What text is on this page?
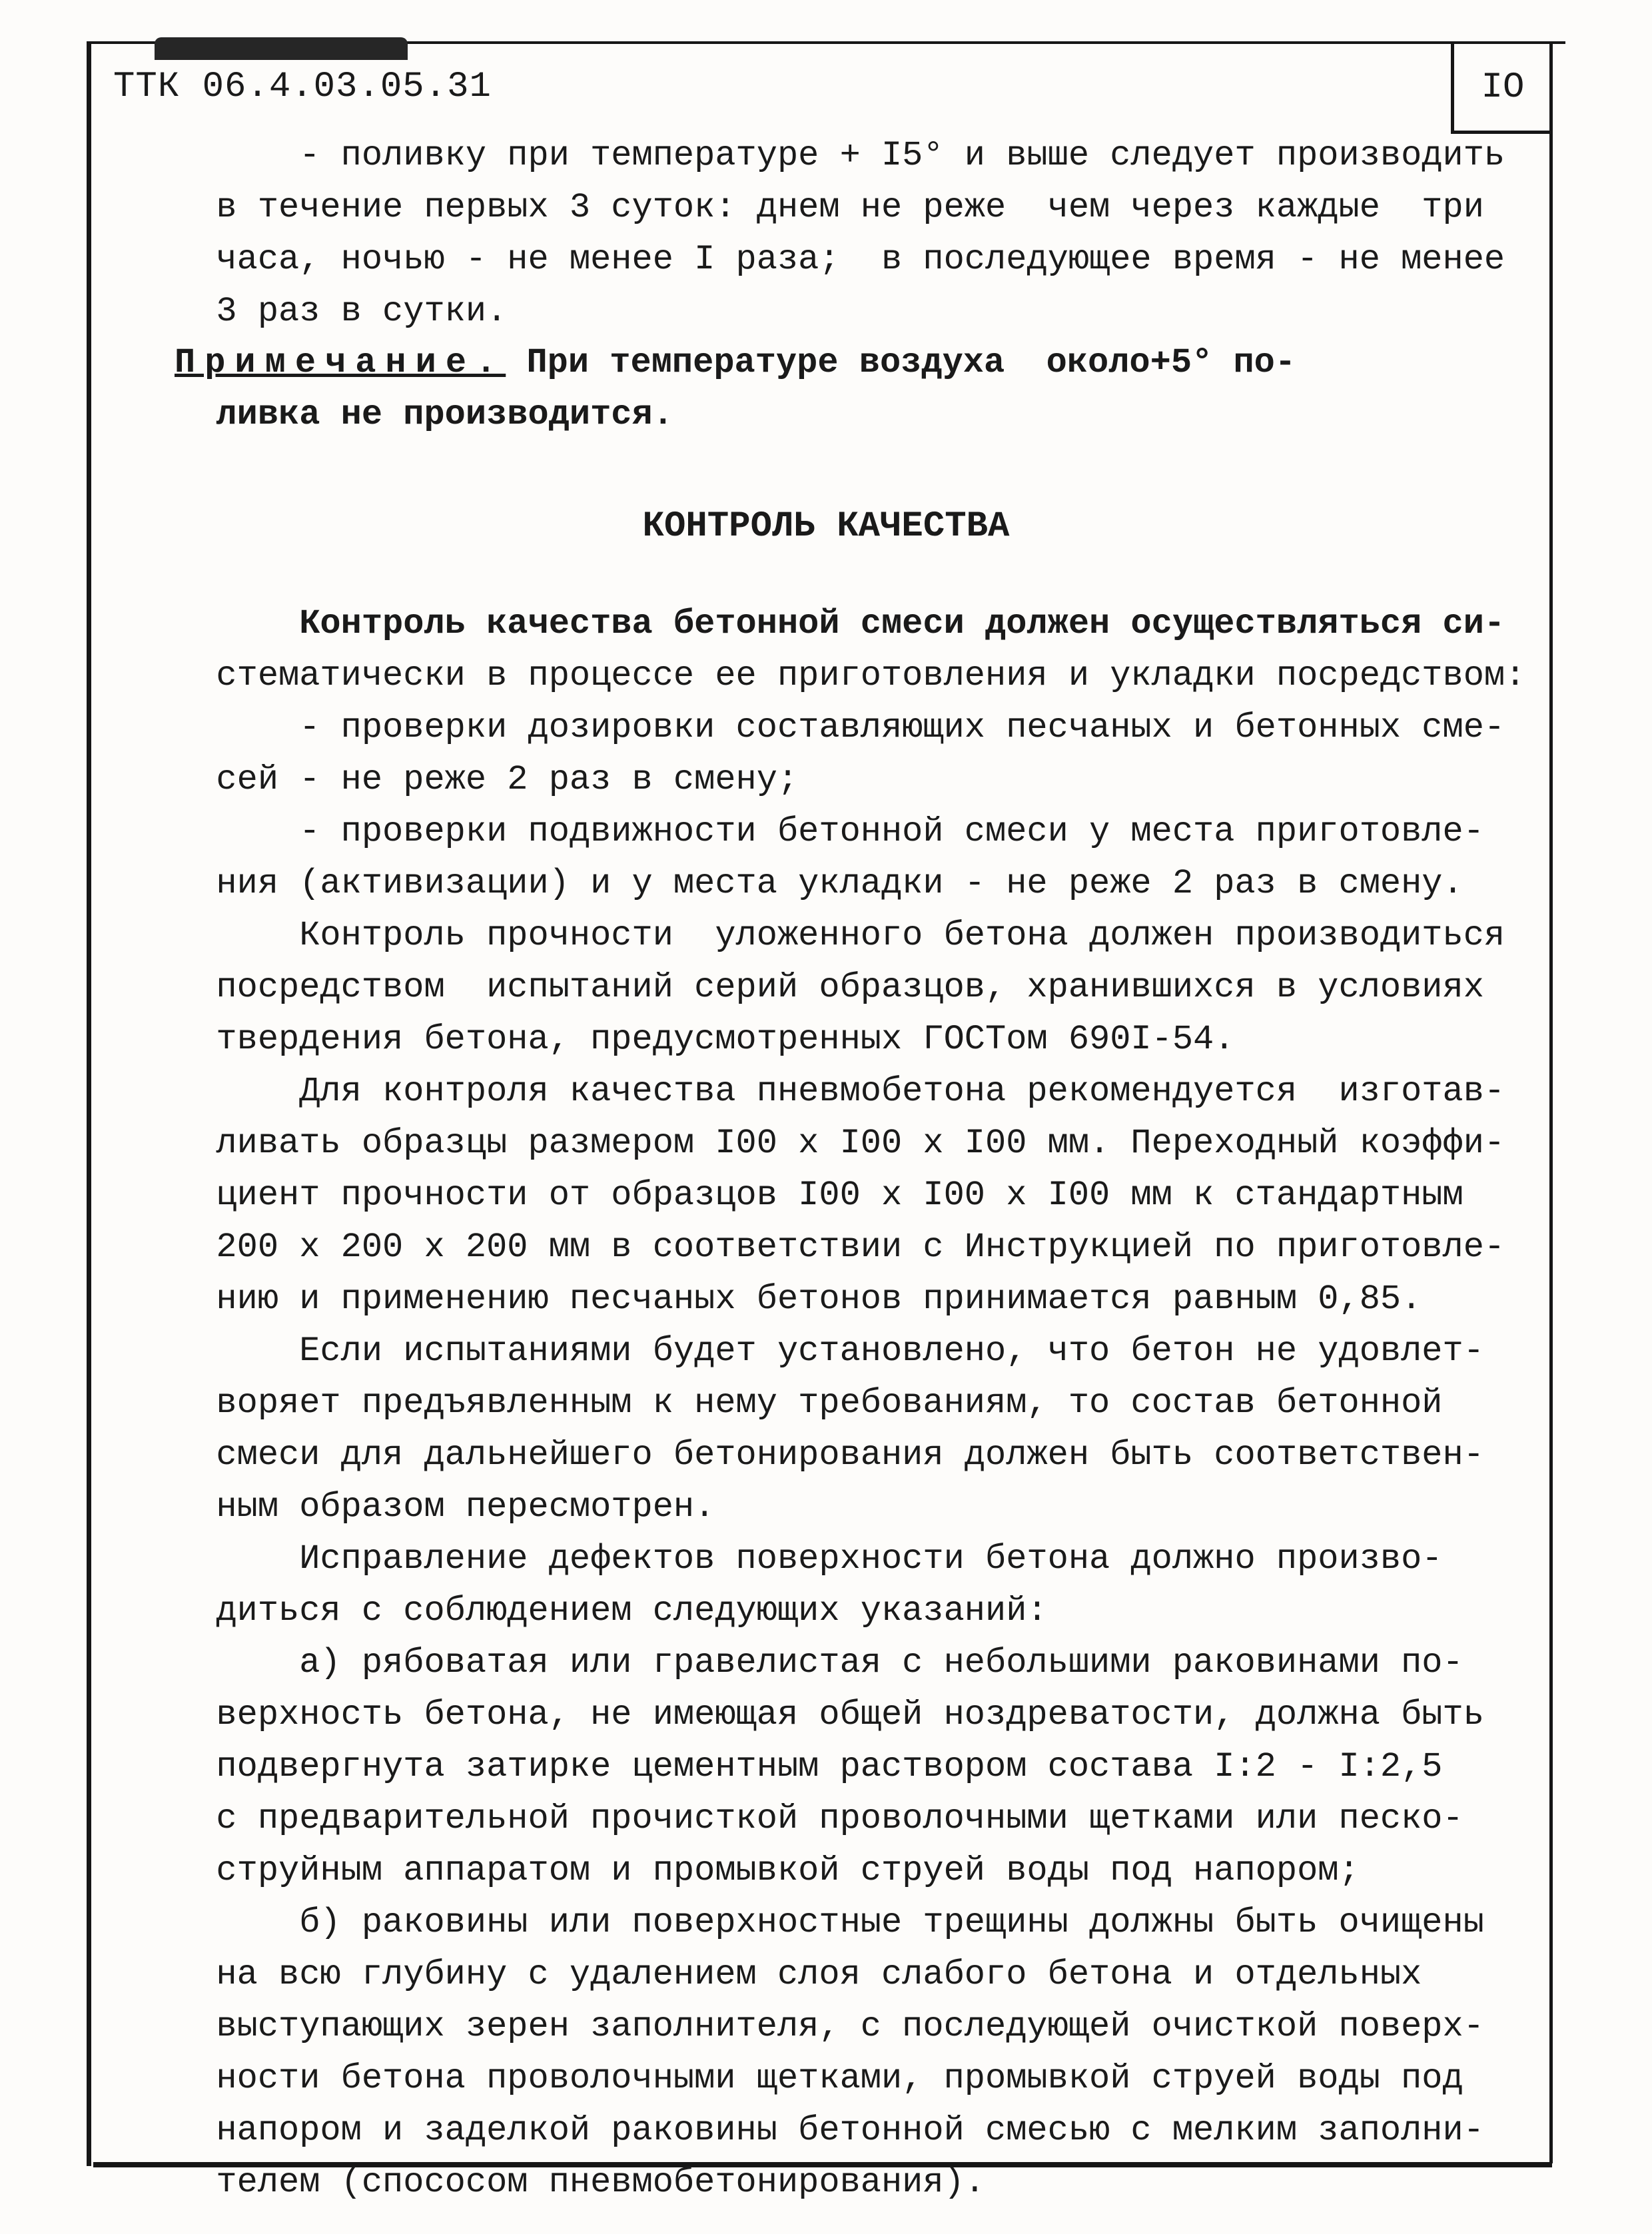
ТТК 06.4.03.05.31	IO
- поливку при температуре + I5° и выше следует производить
в течение первых 3 суток: днем не реже  чем через каждые  три
часа, ночью - не менее I раза;  в последующее время - не менее
3 раз в сутки.
Примечание. При температуре воздуха  около+5° по-
ливка не производится.
КОНТРОЛЬ КАЧЕСТВА
Контроль качества бетонной смеси должен осуществляться си-
стематически в процессе ее приготовления и укладки посредством:
- проверки дозировки составляющих песчаных и бетонных сме-
сей - не реже 2 раз в смену;
- проверки подвижности бетонной смеси у места приготовле-
ния (активизации) и у места укладки - не реже 2 раз в смену.
Контроль прочности  уложенного бетона должен производиться
посредством  испытаний серий образцов, хранившихся в условиях
твердения бетона, предусмотренных ГОСТом 690I-54.
Для контроля качества пневмобетона рекомендуется  изготав-
ливать образцы размером I00 x I00 x I00 мм. Переходный коэффи-
циент прочности от образцов I00 x I00 x I00 мм к стандартным
200 x 200 x 200 мм в соответствии с Инструкцией по приготовле-
нию и применению песчаных бетонов принимается равным 0,85.
Если испытаниями будет установлено, что бетон не удовлет-
воряет предъявленным к нему требованиям, то состав бетонной
смеси для дальнейшего бетонирования должен быть соответствен-
ным образом пересмотрен.
Исправление дефектов поверхности бетона должно произво-
диться с соблюдением следующих указаний:
а) рябоватая или гравелистая с небольшими раковинами по-
верхность бетона, не имеющая общей ноздреватости, должна быть
подвергнута затирке цементным раствором состава I:2 - I:2,5
с предварительной прочисткой проволочными щетками или песко-
струйным аппаратом и промывкой струей воды под напором;
б) раковины или поверхностные трещины должны быть очищены
на всю глубину с удалением слоя слабого бетона и отдельных
выступающих зерен заполнителя, с последующей очисткой поверх-
ности бетона проволочными щетками, промывкой струей воды под
напором и заделкой раковины бетонной смесью с мелким заполни-
телем (спососом пневмобетонирования).
